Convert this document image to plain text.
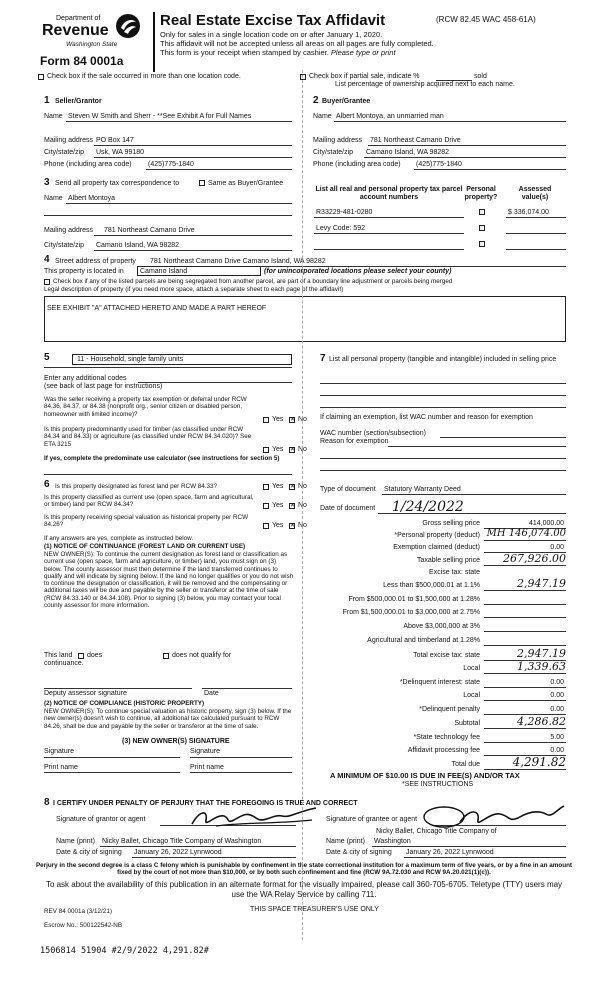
Department of
Revenue
Washington State
Form 84 0001a
Real Estate Excise Tax Affidavit	(RCW 82.45 WAC 458-61A)
Only for sales in a single location code on or after January 1, 2020.
This affidavit will not be accepted unless all areas on all pages are fully completed.
This form is your receipt when stamped by cashier. Please type or print
Check box if the sale occurred in more than one location code.	Check box if partial sale, indicate %	sold
List percentage of ownership acquired next to each name.
1 Seller/Grantor
Name Steven W Smith and Sherr - **See Exhibit A for Full Names
Mailing address PO Box 147
City/state/zip Usk, WA 99180
Phone (including area code) (425)775-1840
2 Buyer/Grantee
Name Albert Montoya, an unmarried man
Mailing address 781 Northeast Camano Drive
City/state/zip Camano Island, WA 98282
Phone (including area code) (425)775-1840
3 Send all property tax correspondence to	Same as Buyer/Grantee
Name Albert Montoya
Mailing address 781 Northeast Camano Drive
City/state/zip Camano Island, WA 98282
List all real and personal property tax parcel account numbers
Personal property?
Assessed value(s)
R33229-481-0280	$ 336,074.00
Levy Code: 592
4 Street address of property 781 Northeast Camano Drive Camano Island, WA 98282
This property is located in Camano Island	(for unincorporated locations please select your county)
Check box if any of the listed parcels are being segregated from another parcel, are part of a boundary line adjustment or parcels being merged
Legal description of property (if you need more space, attach a separate sheet to each page of the affidavit)
SEE EXHIBIT "A" ATTACHED HERETO AND MADE A PART HEREOF
5	11 - Household, single family units
Enter any additional codes
(see back of last page for instructions)
Was the seller receiving a property tax exemption or deferral under RCW 84.36, 84.37, or 84.38 (nonprofit org., senior citizen or disabled person, homeowner with limited income)?
Yes ✕ No
Is this property predominantly used for timber (as classified under RCW 84.34 and 84.33) or agriculture (as classified under RCW 84.34.020)? See ETA 3215
Yes ✕ No
If yes, complete the predominate use calculator (see instructions for section 5)
6 Is this property designated as forest land per RCW 84.33?	Yes ✕ No
Is this property classified as current use (open space, farm and agricultural, or timber) land per RCW 84.34?	Yes ✕ No
Is this property receiving special valuation as historical property per RCW 84.26?	Yes ✕ No
If any answers are yes, complete as instructed below.
(1) NOTICE OF CONTINUANCE (FOREST LAND OR CURRENT USE)
NEW OWNER(S): To continue the current designation as forest land or classification as current use (open space, farm and agriculture, or timber) land, you must sign on (3) below. The county assessor must then determine if the land transferred continues to qualify and will indicate by signing below. If the land no longer qualifies or you do not wish to continue the designation or classification, it will be removed and the compensating or additional taxes will be due and payable by the seller or transferor at the time of sale (RCW 84.33.140 or 84.34.108). Prior to signing (3) below, you may contact your local county assessor for more information.
This land does	does not qualify for
continuance.
Deputy assessor signature	Date
(2) NOTICE OF COMPLIANCE (HISTORIC PROPERTY)
NEW OWNER(S): To continue special valuation as historic property, sign (3) below. If the new owner(s) doesn't wish to continue, all additional tax calculated pursuant to RCW 84.26, shall be due and payable by the seller or transferor at the time of sale.
(3) NEW OWNER(S) SIGNATURE
Signature	Signature
Print name	Print name
7 List all personal property (tangible and intangible) included in selling price
If claiming an exemption, list WAC number and reason for exemption
WAC number (section/subsection)
Reason for exemption
Type of document Statutory Warranty Deed
Date of document 1/24/2022
Gross selling price	414,000.00
*Personal property (deduct) MH 146,074.00
Exemption claimed (deduct)	0.00
Taxable selling price	267,926.00
Excise tax: state
Less than $500,000.01 at 1.1%	2,947.19
From $500,000.01 to $1,500,000 at 1.28%
From $1,500,000.01 to $3,000,000 at 2.75%
Above $3,000,000 at 3%
Agricultural and timberland at 1.28%
Total excise tax: state	2,947.19
Local	1,339.63
*Delinquent interest: state	0.00
Local	0.00
*Delinquent penalty	0.00
Subtotal	4,286.82
*State technology fee	5.00
Affidavit processing fee	0.00
Total due	4,291.82
A MINIMUM OF $10.00 IS DUE IN FEE(S) AND/OR TAX
*SEE INSTRUCTIONS
8 I CERTIFY UNDER PENALTY OF PERJURY THAT THE FOREGOING IS TRUE AND CORRECT
Signature of grantor or agent	Signature of grantee or agent
Nicky Ballet, Chicago Title Company of
Name (print) Nicky Ballet, Chicago Title Company of Washington	Name (print) Washington
Date & city of signing January 26, 2022 Lynnwood	Date & city of signing January 26, 2022 Lynnwood
Perjury in the second degree is a class C felony which is punishable by confinement in the state correctional institution for a maximum term of five years, or by a fine in an amount fixed by the court of not more than $10,000, or by both such confinement and fine (RCW 9A.72.030 and RCW 9A.20.021(1)(c)).
To ask about the availability of this publication in an alternate format for the visually impaired, please call 360-705-6705. Teletype (TTY) users may use the WA Relay Service by calling 711.
REV 84 0001a (3/12/21)	THIS SPACE TREASURER'S USE ONLY
Escrow No.: 500122542-NB
1506814 51904 #2/9/2022 4,291.82#
